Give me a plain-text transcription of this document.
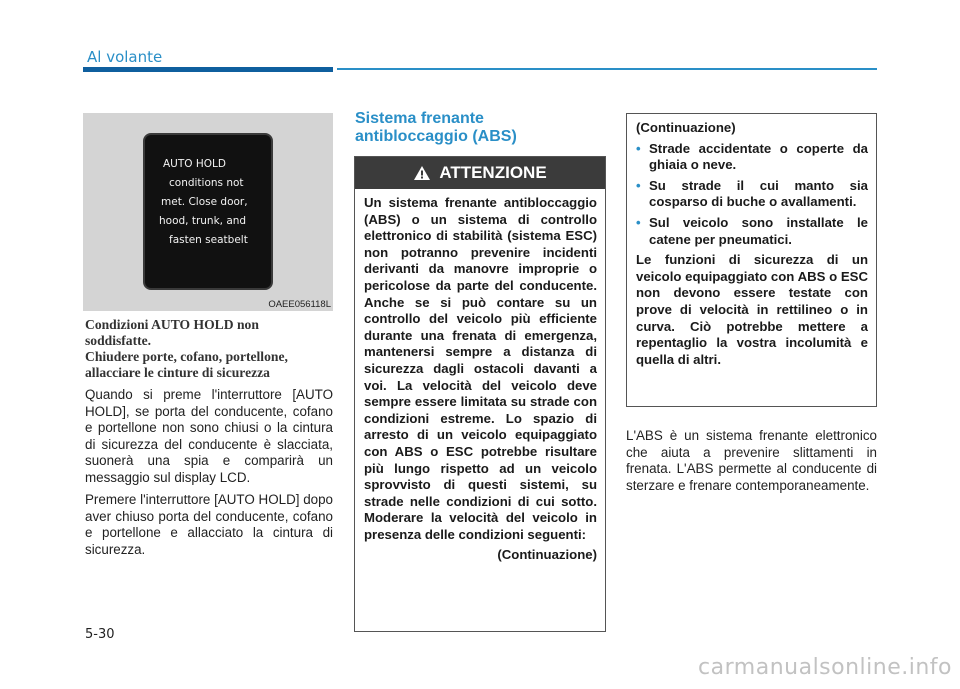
Al volante
AUTO HOLD
conditions not
met. Close door,
hood, trunk, and
fasten seatbelt
OAEE056118L
Condizioni AUTO HOLD non
soddisfatte.
Chiudere porte, cofano, portellone,
allacciare le cinture di sicurezza

Quando si preme l'interruttore [AUTO HOLD], se porta del conducente, cofano e portellone non sono chiusi o la cintura di sicurezza del conducente è slacciata, suonerà una spia e comparirà un messaggio sul display LCD.

Premere l'interruttore [AUTO HOLD] dopo aver chiuso porta del conducente, cofano e portellone e allacciato la cintura di sicurezza.

Sistema frenante
antibloccaggio (ABS)
ATTENZIONE
Un sistema frenante antibloccaggio (ABS) o un sistema di controllo elettronico di stabilità (sistema ESC) non potranno prevenire incidenti derivanti da manovre improprie o pericolose da parte del conducente. Anche se si può contare su un controllo del veicolo più efficiente durante una frenata di emergenza, mantenersi sempre a distanza di sicurezza dagli ostacoli davanti a voi. La velocità del veicolo deve sempre essere limitata su strade con condizioni estreme. Lo spazio di arresto di un veicolo equipaggiato con ABS o ESC potrebbe risultare più lungo rispetto ad un veicolo sprovvisto di questi sistemi, su strade nelle condizioni di cui sotto. Moderare la velocità del veicolo in presenza delle condizioni seguenti:
(Continuazione)
(Continuazione)
• Strade accidentate o coperte da ghiaia o neve.
• Su strade il cui manto sia cosparso di buche o avallamenti.
• Sul veicolo sono installate le catene per pneumatici.
Le funzioni di sicurezza di un veicolo equipaggiato con ABS o ESC non devono essere testate con prove di velocità in rettilineo o in curva. Ciò potrebbe mettere a repentaglio la vostra incolumità e quella di altri.
L'ABS è un sistema frenante elettronico che aiuta a prevenire slittamenti in frenata. L'ABS permette al conducente di sterzare e frenare contemporaneamente.
5-30
carmanualsonline.info
